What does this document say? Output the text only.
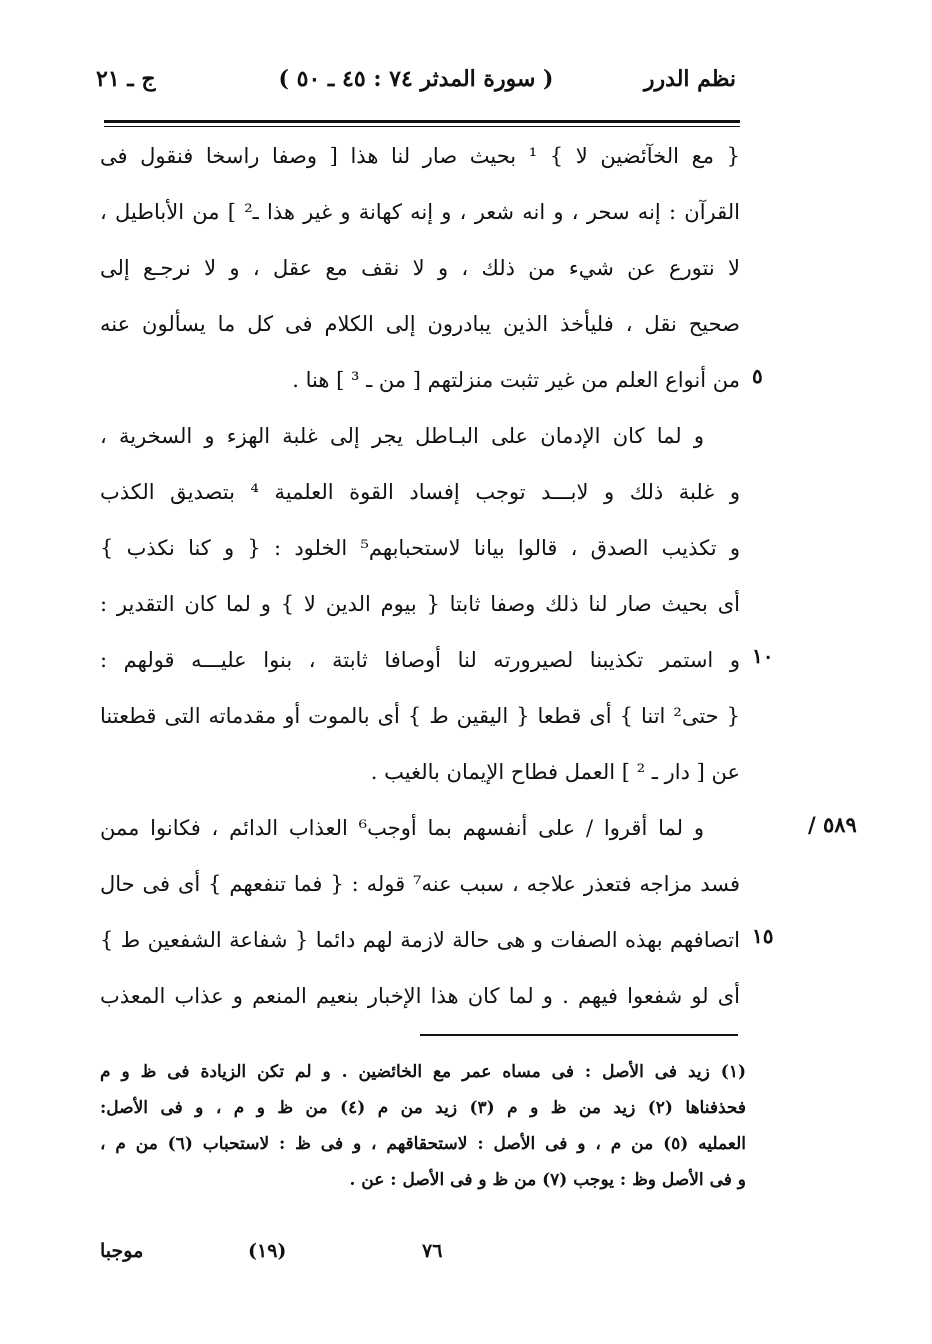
نظم الدرر
( سورة المدثر ٧٤ : ٤٥ ـ ٥٠ )
ج ـ ٢١
{ مع الخآئضين ﻻ } ¹ بحيث صار لنا هذا [ وصفا راسخا فنقول فى
القرآن : إنه سحر ، و انه شعر ، و إنه كهانة و غير هذا ـ² ] من الأباطيل ،
لا نتورع عن شيء من ذلك ، و لا نقف مع عقل ، و لا نرجـع إلى
صحيح نقل ، فليأخذ الذين يبادرون إلى الكلام فى كل ما يسألون عنه
من أنواع العلم من غير تثبت منزلتهم [ من ـ ³ ] هنا .
و لما كان الإدمان على البـاطل يجر إلى غلبة الهزء و السخرية ،
و غلبة ذلك و لابـــد توجب إفساد القوة العلمية ⁴ بتصديق الكذب
و تكذيب الصدق ، قالوا بيانا لاستحبابهم⁵ الخلود : { و كنا نكذب }
أى بحيث صار لنا ذلك وصفا ثابتا { بيوم الدين ﻻ } و لما كان التقدير :
و استمر تكذيبنا لصيرورته لنا أوصافا ثابتة ، بنوا عليـــه قولهم :
{ حتى² اتنا } أى قطعا { اليقين ﻁ } أى بالموت أو مقدماته التى قطعتنا
عن [ دار ـ ² ] العمل فطاح الإيمان بالغيب .
و لما أقروا / على أنفسهم بما أوجب⁶ العذاب الدائم ، فكانوا ممن
فسد مزاجه فتعذر علاجه ، سبب عنه⁷ قوله : { فما تنفعهم } أى فى حال
اتصافهم بهذه الصفات و هى حالة لازمة لهم دائما { شفاعة الشفعين ﻁ }
أى لو شفعوا فيهم . و لما كان هذا الإخبار بنعيم المنعم و عذاب المعذب
٥
١٠
١٥
٥٨٩ /
(١) زيد فى الأصل : فى مساه عمر مع الخائضين . و لم تكن الزيادة فى ظ و م
فحذفناها (٢) زيد من ظ و م (٣) زيد من م (٤) من ظ و م ، و فى الأصل:
العمليه (٥) من م ، و فى الأصل : لاستحقاقهم ، و فى ظ : لاستحباب (٦) من م ،
و فى الأصل وظ : يوجب (٧) من ظ و فى الأصل : عن .
٧٦
(١٩)
موجبا
